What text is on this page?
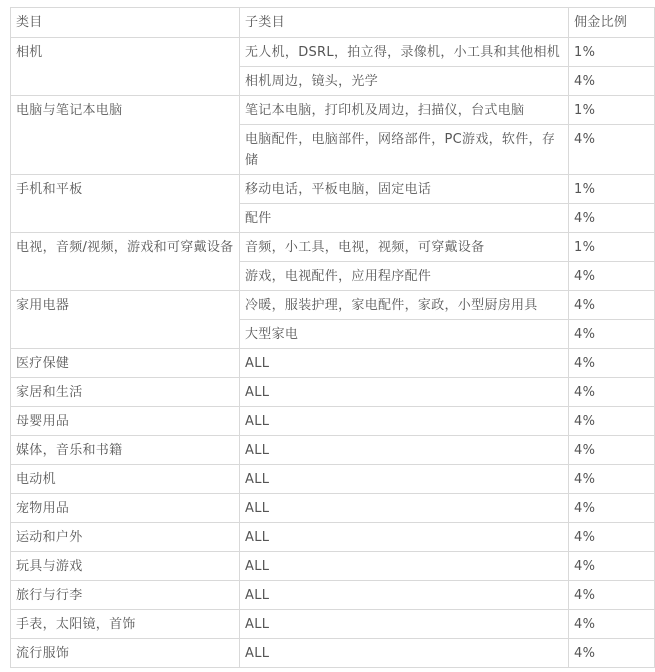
类目	子类目	佣金比例
相机	无人机，DSRL，拍立得，录像机，小工具和其他相机	1%
	相机周边，镜头，光学	4%
电脑与笔记本电脑	笔记本电脑，打印机及周边，扫描仪，台式电脑	1%
	电脑配件，电脑部件，网络部件，PC游戏，软件，存储	4%
手机和平板	移动电话，平板电脑，固定电话	1%
	配件	4%
电视，音频/视频，游戏和可穿戴设备	音频，小工具，电视，视频，可穿戴设备	1%
	游戏，电视配件，应用程序配件	4%
家用电器	冷暖，服装护理，家电配件，家政，小型厨房用具	4%
	大型家电	4%
医疗保健	ALL	4%
家居和生活	ALL	4%
母婴用品	ALL	4%
媒体，音乐和书籍	ALL	4%
电动机	ALL	4%
宠物用品	ALL	4%
运动和户外	ALL	4%
玩具与游戏	ALL	4%
旅行与行李	ALL	4%
手表，太阳镜，首饰	ALL	4%
流行服饰	ALL	4%
